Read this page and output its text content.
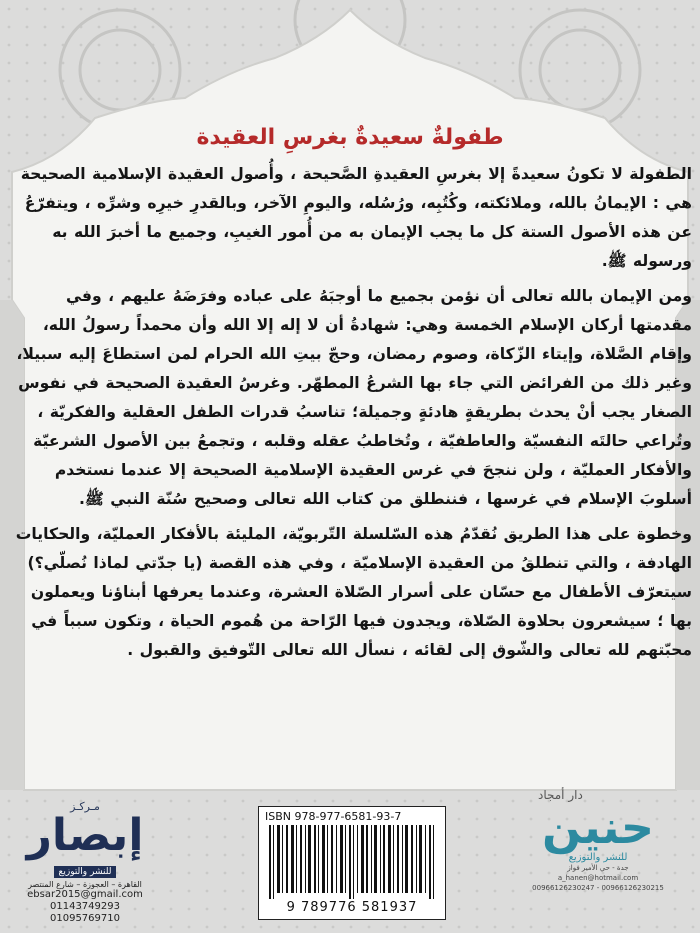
طفولةٌ سعيدةٌ بغرسِ العقيدة

الطفولة لا تكونُ سعيدةً إلا بغرسِ العقيدةِ الصَّحيحة ، وأُصول العقيدة الإسلامية الصحيحة هي : الإيمانُ بالله، وملائكته، وكُتُبِه، ورُسُله، واليومِ الآخر، وبالقدرِ خيرِه وشرِّه ، ويتفرّعُ عن هذه الأصول الستة كل ما يجب الإيمان به من أُمور الغيبِ، وجميع ما أخبرَ الله به ورسوله ﷺ.

ومن الإيمان بالله تعالى أن نؤمن بجميع ما أوجبَهُ على عباده وفرَضَهُ عليهم ، وفي مقدمتها أركان الإسلام الخمسة وهي: شهادةُ أن لا إله إلا الله وأن محمداً رسولُ الله، وإقام الصَّلاة، وإيتاء الزّكاة، وصوم رمضان، وحجّ بيتِ الله الحرام لمن استطاعَ إليه سبيلا، وغير ذلك من الفرائض التي جاء بها الشرعُ المطهّر. وغرسُ العقيدة الصحيحة في نفوس الصغار يجب أنْ يحدث بطريقةٍ هادئةٍ وجميلة؛ تناسبُ قدرات الطفل العقلية والفكريّة ، وتُراعي حالتَه النفسيّة والعاطفيّة ، وتُخاطبُ عقله وقلبه ، وتجمعُ بين الأصول الشرعيّة والأفكار العمليّة ، ولن ننجحَ في غرس العقيدة الإسلامية الصحيحة إلا عندما نستخدم أسلوبَ الإسلام في غرسها ، فننطلق من كتاب الله تعالى وصحيح سُنّة النبي ﷺ.

وخطوة على هذا الطريق نُقدّمُ هذه السّلسلة التّربويّة، المليئة بالأفكار العمليّة، والحكايات الهادفة ، والتي تنطلقُ من العقيدة الإسلاميّة ، وفي هذه القصة (يا جدّتي لماذا نُصلّي؟) سيتعرّف الأطفال مع حسّان على أسرار الصّلاة العشرة، وعندما يعرفها أبناؤنا ويعملون بها ؛ سيشعرون بحلاوة الصّلاة، ويجدون فيها الرّاحة من هُموم الحياة ، وتكون سبباً في محبّتهم لله تعالى والشّوق إلى لقائه ، نسأل الله تعالى التّوفيق والقبول .

مـركـز
إبصار
للنشر والتوزيع
القاهرة – العجوزة – شارع المنتصر
ebsar2015@gmail.com
01143749293
01095769710
ISBN 978-977-6581-93-7
9 789776 581937
دار أمجاد
حنين
للنشر والتوزيع
جدة - حي الأمير فواز
a_hanen@hotmail.com
00966126230247 - 00966126230215
